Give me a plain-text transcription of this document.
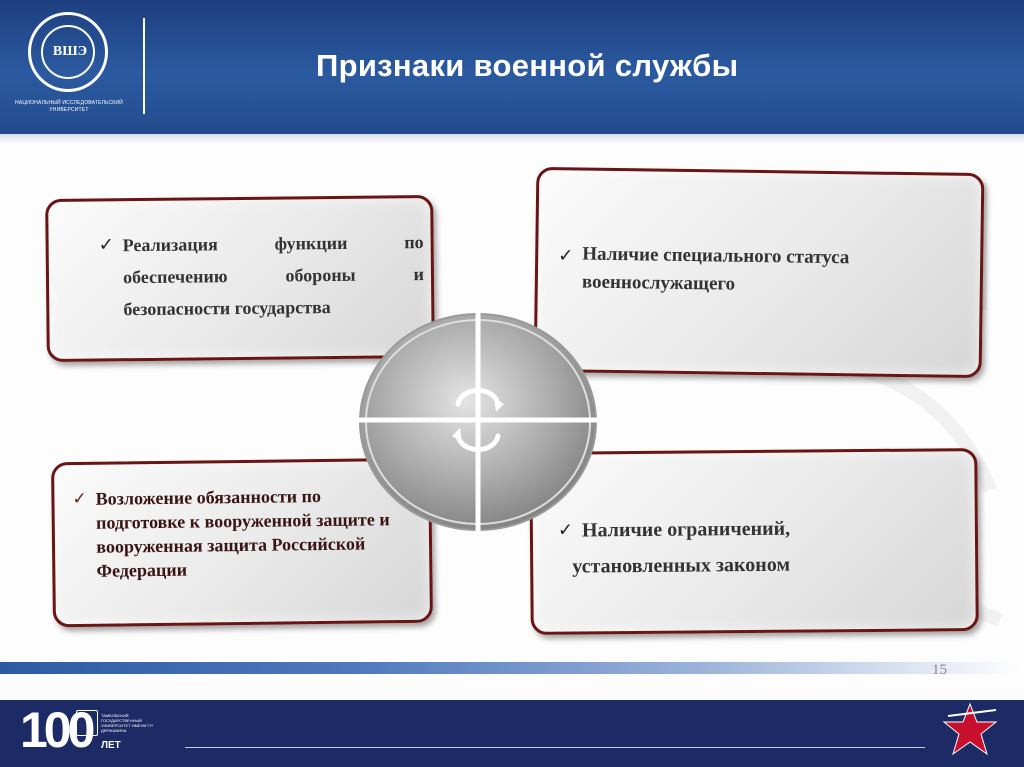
ВШЭ
НАЦИОНАЛЬНЫЙ ИССЛЕДОВАТЕЛЬСКИЙ УНИВЕРСИТЕТ
Признаки военной службы
✓ Реализация функции по обеспечению обороны и безопасности государства
✓ Наличие специального статуса военнослужащего
✓ Возложение обязанности по подготовке к вооруженной защите и вооруженная защита Российской Федерации
✓ Наличие ограничений,
установленных законом
15
100 ТАМБОВСКИЙ ГОСУДАРСТВЕННЫЙ УНИВЕРСИТЕТ ИМЕНИ Г.Р. ДЕРЖАВИНА
ЛЕТ
